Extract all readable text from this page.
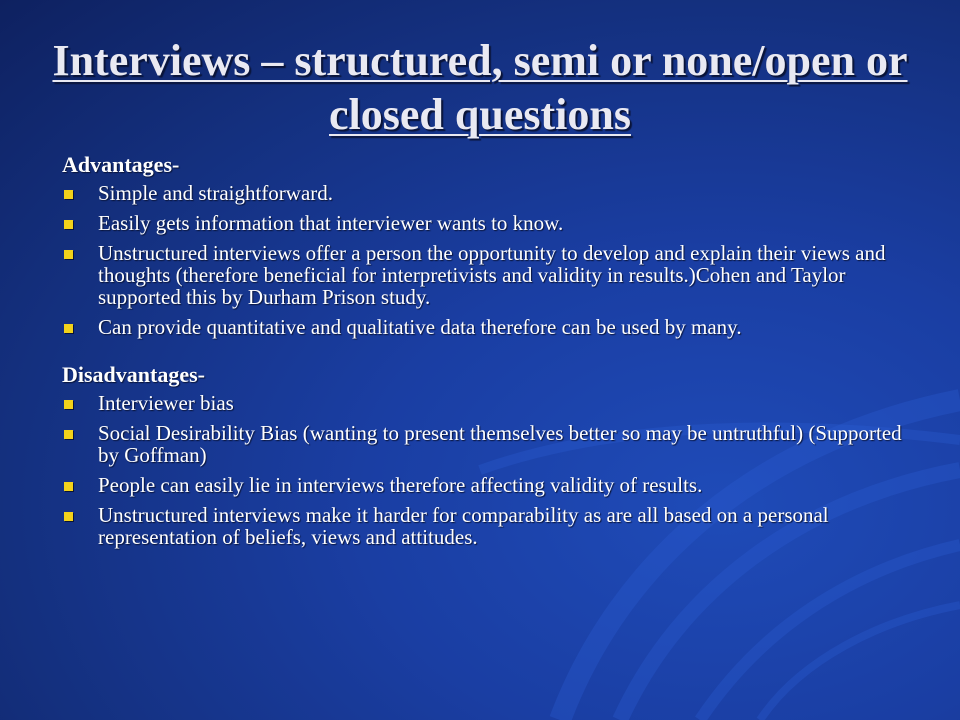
Interviews – structured, semi or none/open or closed questions
Advantages-
Simple and straightforward.
Easily gets information that interviewer wants to know.
Unstructured interviews offer a person the opportunity to develop and explain their views and thoughts (therefore beneficial for interpretivists and validity in results.)Cohen and Taylor supported this by Durham Prison study.
Can provide quantitative and qualitative data therefore can be used by many.
Disadvantages-
Interviewer bias
Social Desirability Bias (wanting to present themselves better so may be untruthful) (Supported by Goffman)
People can easily lie in interviews therefore affecting validity of results.
Unstructured interviews make it harder for comparability as are all based on a personal representation of beliefs, views and attitudes.
